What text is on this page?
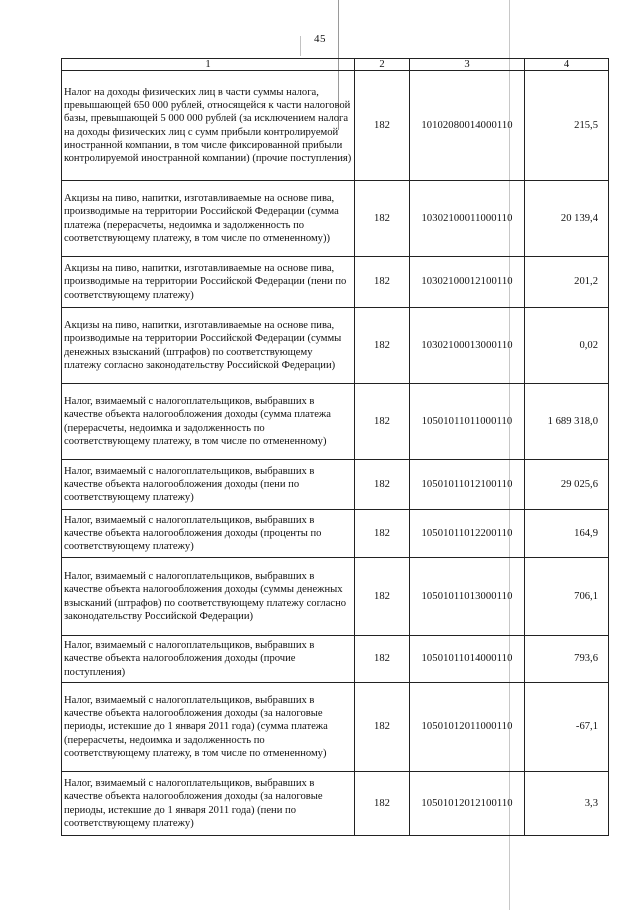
45
1	2	3	4
Налог на доходы физических лиц в части суммы налога, превышающей 650 000 рублей, относящейся к части налоговой базы, превышающей 5 000 000 рублей (за исключением налога на доходы физических лиц с сумм прибыли контролируемой иностранной компании, в том числе фиксированной прибыли контролируемой иностранной компании) (прочие поступления)	182	10102080014000110	215,5
Акцизы на пиво, напитки, изготавливаемые на основе пива, производимые на территории Российской Федерации (сумма платежа (перерасчеты, недоимка и задолженность по соответствующему платежу, в том числе по отмененному))	182	10302100011000110	20 139,4
Акцизы на пиво, напитки, изготавливаемые на основе пива, производимые на территории Российской Федерации (пени по соответствующему платежу)	182	10302100012100110	201,2
Акцизы на пиво, напитки, изготавливаемые на основе пива, производимые на территории Российской Федерации (суммы денежных взысканий (штрафов) по соответствующему платежу согласно законодательству Российской Федерации)	182	10302100013000110	0,02
Налог, взимаемый с налогоплательщиков, выбравших в качестве объекта налогообложения доходы (сумма платежа (перерасчеты, недоимка и задолженность по соответствующему платежу, в том числе по отмененному)	182	10501011011000110	1 689 318,0
Налог, взимаемый с налогоплательщиков, выбравших в качестве объекта налогообложения доходы (пени по соответствующему платежу)	182	10501011012100110	29 025,6
Налог, взимаемый с налогоплательщиков, выбравших в качестве объекта налогообложения доходы (проценты по соответствующему платежу)	182	10501011012200110	164,9
Налог, взимаемый с налогоплательщиков, выбравших в качестве объекта налогообложения доходы (суммы денежных взысканий (штрафов) по соответствующему платежу согласно законодательству Российской Федерации)	182	10501011013000110	706,1
Налог, взимаемый с налогоплательщиков, выбравших в качестве объекта налогообложения доходы (прочие поступления)	182	10501011014000110	793,6
Налог, взимаемый с налогоплательщиков, выбравших в качестве объекта налогообложения доходы (за налоговые периоды, истекшие до 1 января 2011 года) (сумма платежа (перерасчеты, недоимка и задолженность по соответствующему платежу, в том числе по отмененному)	182	10501012011000110	-67,1
Налог, взимаемый с налогоплательщиков, выбравших в качестве объекта налогообложения доходы (за налоговые периоды, истекшие до 1 января 2011 года) (пени по соответствующему платежу)	182	10501012012100110	3,3
